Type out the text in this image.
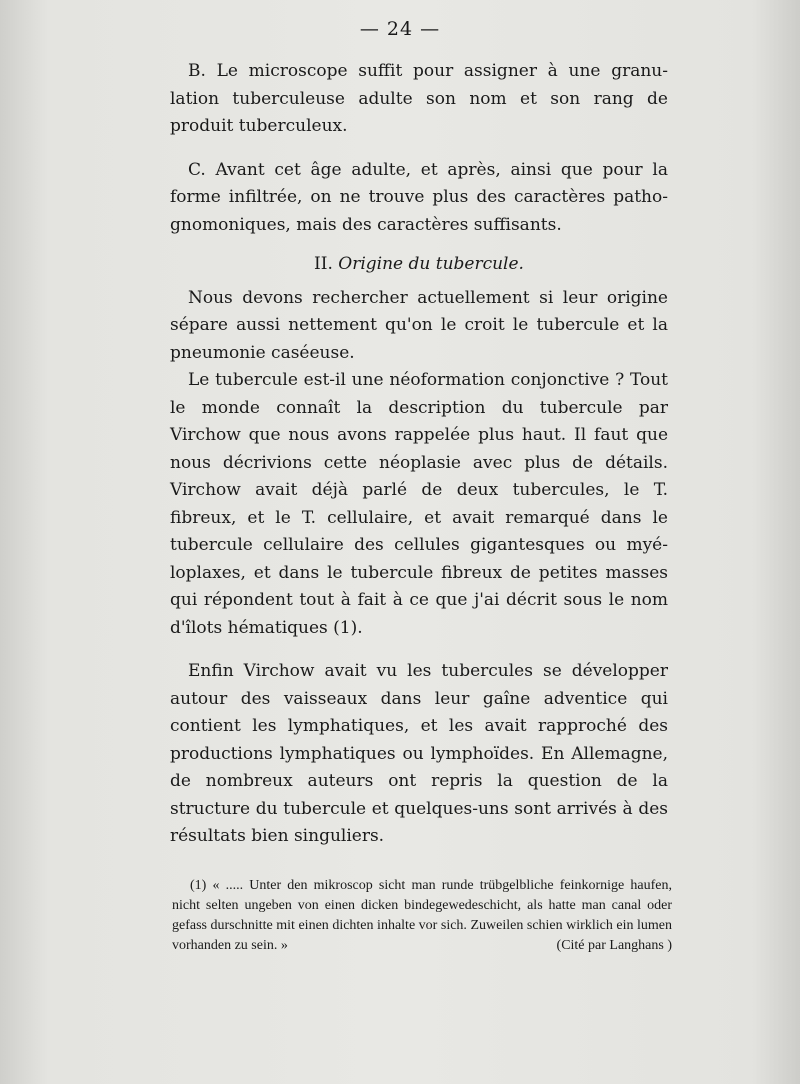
— 24 —

B. Le microscope suffit pour assigner à une granulation tuberculeuse adulte son nom et son rang de produit tuberculeux.

C. Avant cet âge adulte, et après, ainsi que pour la forme infiltrée, on ne trouve plus des caractères pathognomoniques, mais des caractères suffisants.

II. Origine du tubercule.

Nous devons rechercher actuellement si leur origine sépare aussi nettement qu'on le croit le tubercule et la pneumonie caséeuse.

Le tubercule est-il une néoformation conjonctive ? Tout le monde connaît la description du tubercule par Virchow que nous avons rappelée plus haut. Il faut que nous décrivions cette néoplasie avec plus de détails. Virchow avait déjà parlé de deux tubercules, le T. fibreux, et le T. cellulaire, et avait remarqué dans le tubercule cellulaire des cellules gigantesques ou myéloplaxes, et dans le tubercule fibreux de petites masses qui répondent tout à fait à ce que j'ai décrit sous le nom d'îlots hématiques (1).

Enfin Virchow avait vu les tubercules se développer autour des vaisseaux dans leur gaîne adventice qui contient les lymphatiques, et les avait rapproché des productions lymphatiques ou lymphoïdes. En Allemagne, de nombreux auteurs ont repris la question de la structure du tubercule et quelques-uns sont arrivés à des résultats bien singuliers.

(1) « ..... Unter den mikroscop sicht man runde trübgelbliche feinkornige haufen, nicht selten ungeben von einen dicken bindegewedeschicht, als hatte man canal oder gefass durschnitte mit einen dichten inhalte vor sich. Zuweilen schien wirklich ein lumen vorhanden zu sein. »	(Cité par Langhans )
